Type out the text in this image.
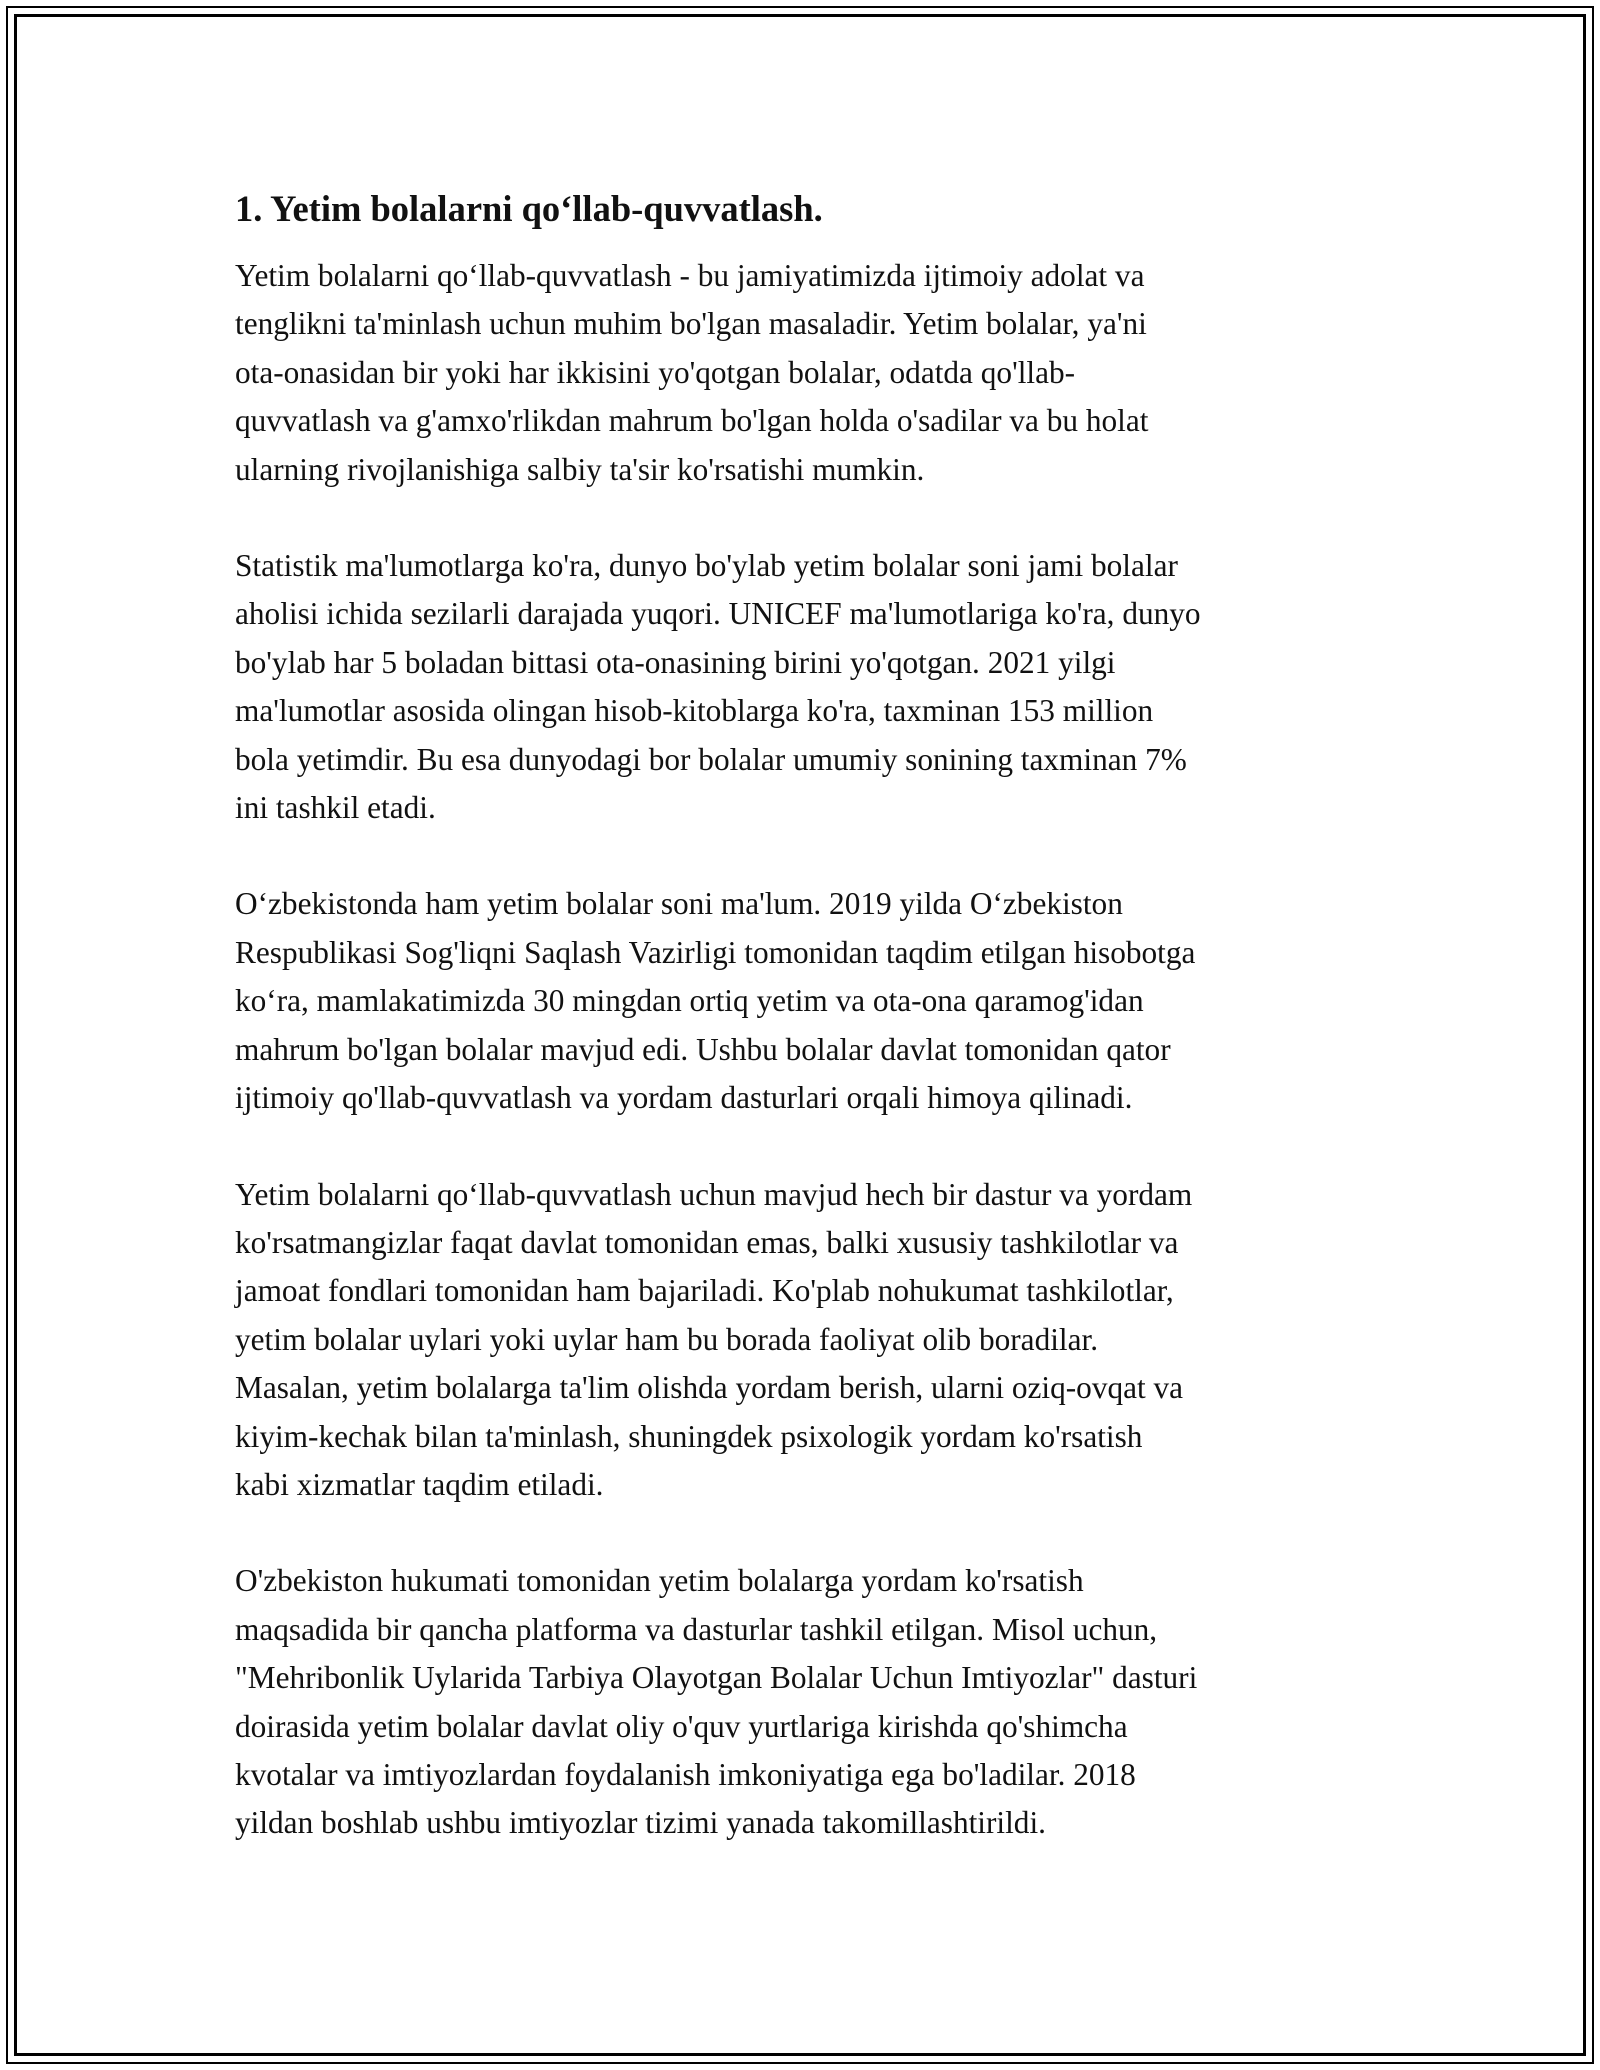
1. Yetim bolalarni qo‘llab-quvvatlash.

Yetim bolalarni qo‘llab-quvvatlash - bu jamiyatimizda ijtimoiy adolat va
tenglikni ta'minlash uchun muhim bo'lgan masaladir. Yetim bolalar, ya'ni
ota-onasidan bir yoki har ikkisini yo'qotgan bolalar, odatda qo'llab-
quvvatlash va g'amxo'rlikdan mahrum bo'lgan holda o'sadilar va bu holat
ularning rivojlanishiga salbiy ta'sir ko'rsatishi mumkin.

Statistik ma'lumotlarga ko'ra, dunyo bo'ylab yetim bolalar soni jami bolalar
aholisi ichida sezilarli darajada yuqori. UNICEF ma'lumotlariga ko'ra, dunyo
bo'ylab har 5 boladan bittasi ota-onasining birini yo'qotgan. 2021 yilgi
ma'lumotlar asosida olingan hisob-kitoblarga ko'ra, taxminan 153 million
bola yetimdir. Bu esa dunyodagi bor bolalar umumiy sonining taxminan 7%
ini tashkil etadi.

O‘zbekistonda ham yetim bolalar soni ma'lum. 2019 yilda O‘zbekiston
Respublikasi Sog'liqni Saqlash Vazirligi tomonidan taqdim etilgan hisobotga
ko‘ra, mamlakatimizda 30 mingdan ortiq yetim va ota-ona qaramog'idan
mahrum bo'lgan bolalar mavjud edi. Ushbu bolalar davlat tomonidan qator
ijtimoiy qo'llab-quvvatlash va yordam dasturlari orqali himoya qilinadi.

Yetim bolalarni qo‘llab-quvvatlash uchun mavjud hech bir dastur va yordam
ko'rsatmangizlar faqat davlat tomonidan emas, balki xususiy tashkilotlar va
jamoat fondlari tomonidan ham bajariladi. Ko'plab nohukumat tashkilotlar,
yetim bolalar uylari yoki uylar ham bu borada faoliyat olib boradilar.
Masalan, yetim bolalarga ta'lim olishda yordam berish, ularni oziq-ovqat va
kiyim-kechak bilan ta'minlash, shuningdek psixologik yordam ko'rsatish
kabi xizmatlar taqdim etiladi.

O'zbekiston hukumati tomonidan yetim bolalarga yordam ko'rsatish
maqsadida bir qancha platforma va dasturlar tashkil etilgan. Misol uchun,
"Mehribonlik Uylarida Tarbiya Olayotgan Bolalar Uchun Imtiyozlar" dasturi
doirasida yetim bolalar davlat oliy o'quv yurtlariga kirishda qo'shimcha
kvotalar va imtiyozlardan foydalanish imkoniyatiga ega bo'ladilar. 2018
yildan boshlab ushbu imtiyozlar tizimi yanada takomillashtirildi.
